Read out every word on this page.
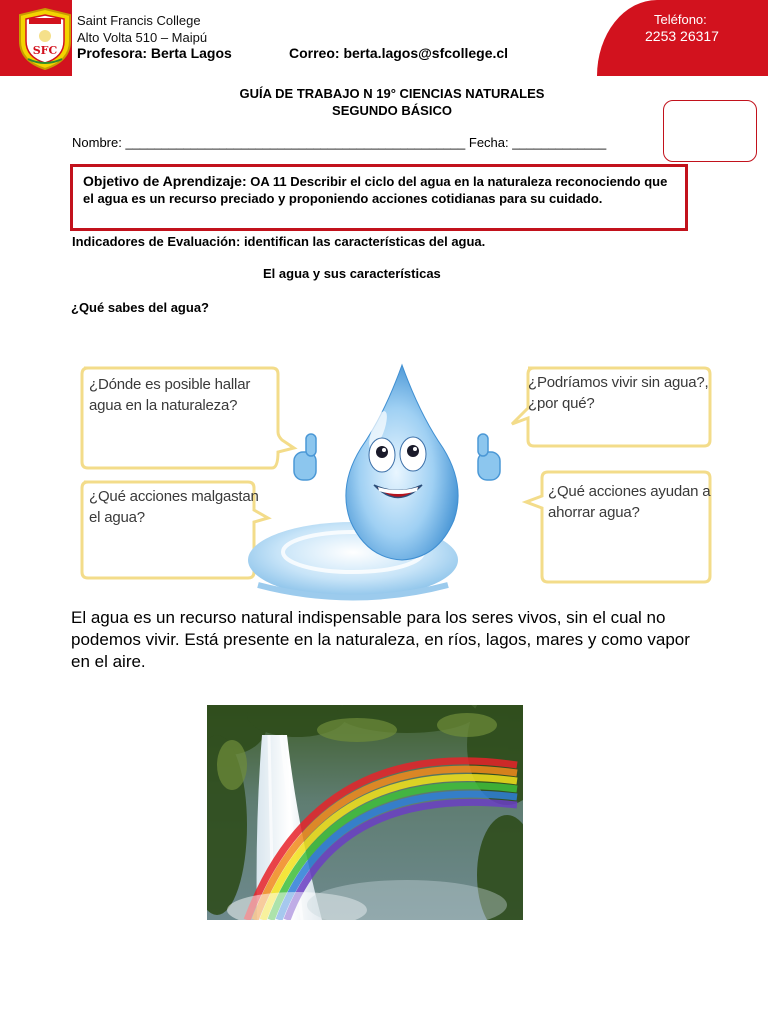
SFC
Saint Francis College
Alto Volta 510 – Maipú
Profesora: Berta Lagos	Correo: berta.lagos@sfcollege.cl
Teléfono:
2253 26317
GUÍA DE TRABAJO N 19° CIENCIAS NATURALES
SEGUNDO BÁSICO
Nombre: _______________________________________________ Fecha: _____________
Objetivo de Aprendizaje: OA 11 Describir el ciclo del agua en la naturaleza reconociendo que el agua es un recurso preciado y proponiendo acciones cotidianas para su cuidado.
Indicadores de Evaluación: identifican las características del agua.
El agua y sus características
¿Qué sabes del agua?
¿Dónde es posible hallar agua en la naturaleza?
¿Qué acciones malgastan el agua?
¿Podríamos vivir sin agua?, ¿por qué?
¿Qué acciones ayudan a ahorrar agua?
El agua es un recurso natural indispensable para los seres vivos, sin el cual no podemos vivir. Está presente en la naturaleza, en ríos, lagos, mares y como vapor en el aire.
